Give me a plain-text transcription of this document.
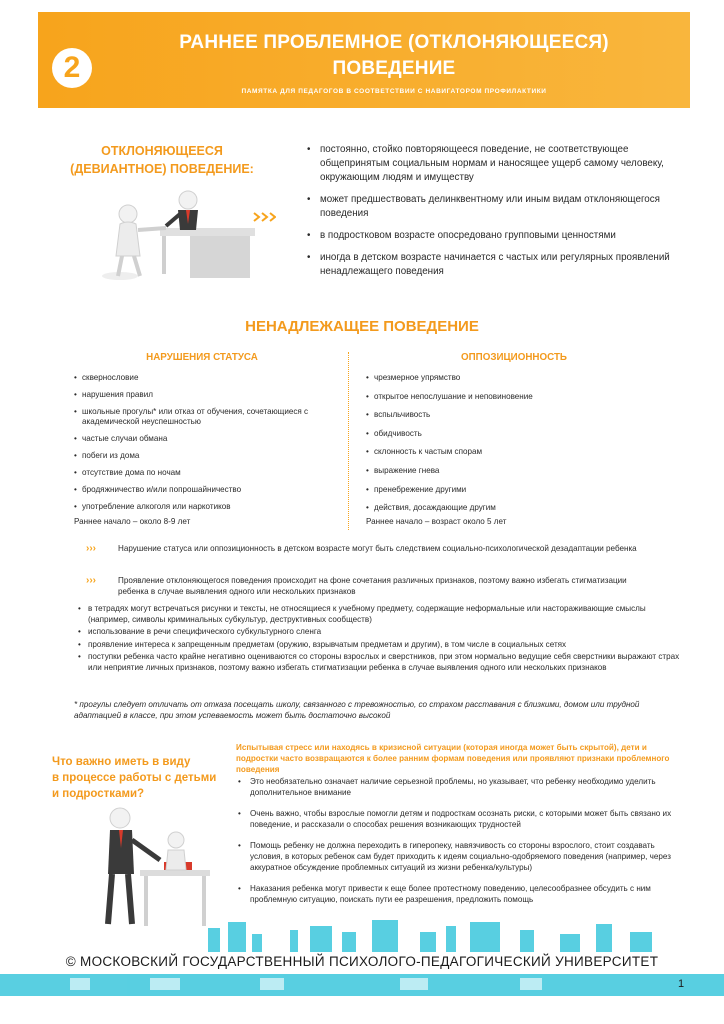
2
РАННЕЕ ПРОБЛЕМНОЕ (ОТКЛОНЯЮЩЕЕСЯ)
ПОВЕДЕНИЕ
ПАМЯТКА ДЛЯ ПЕДАГОГОВ В СООТВЕТСТВИИ С НАВИГАТОРОМ ПРОФИЛАКТИКИ
ОТКЛОНЯЮЩЕЕСЯ
(ДЕВИАНТНОЕ) ПОВЕДЕНИЕ:
• постоянно, стойко повторяющееся поведение, не соответствующее общепринятым социальным нормам и наносящее ущерб самому человеку, окружающим людям и имуществу
• может предшествовать делинквентному или иным видам отклоняющегося поведения
• в подростковом возрасте опосредовано групповыми ценностями
• иногда в детском возрасте начинается с частых или регулярных проявлений ненадлежащего поведения
НЕНАДЛЕЖАЩЕЕ ПОВЕДЕНИЕ
НАРУШЕНИЯ СТАТУСА	ОППОЗИЦИОННОСТЬ
• сквернословие
• нарушения правил
• школьные прогулы* или отказ от обучения, сочетающиеся с академической неуспешностью
• частые случаи обмана
• побеги из дома
• отсутствие дома по ночам
• бродяжничество и/или попрошайничество
• употребление алкоголя или наркотиков
Раннее начало – около 8-9 лет
• чрезмерное упрямство
• открытое непослушание и неповиновение
• вспыльчивость
• обидчивость
• склонность к частым спорам
• выражение гнева
• пренебрежение другими
• действия, досаждающие другим
Раннее начало – возраст около 5 лет
›››	Нарушение статуса или оппозиционность в детском возрасте могут быть следствием социально-психологической дезадаптации ребенка
›››	Проявление отклоняющегося поведения происходит на фоне сочетания различных признаков, поэтому важно избегать стигматизации ребенка в случае выявления одного или нескольких признаков
• в тетрадях могут встречаться рисунки и тексты, не относящиеся к учебному предмету, содержащие неформальные или настораживающие смыслы (например, символы криминальных субкультур, деструктивных сообществ)
• использование в речи специфического субкультурного сленга
• проявление интереса к запрещенным предметам (оружию, взрывчатым предметам и другим), в том числе в социальных сетях
• поступки ребенка часто крайне негативно оцениваются со стороны взрослых и сверстников, при этом нормально ведущие себя сверстники выражают страх или неприятие личных признаков, поэтому важно избегать стигматизации ребенка в случае выявления одного или нескольких признаков
* прогулы следует отличать от отказа посещать школу, связанного с тревожностью, со страхом расставания с близкими, домом или трудной адаптацией в классе, при этом успеваемость может быть достаточно высокой
Что важно иметь в виду
в процессе работы с детьми
и подростками?
Испытывая стресс или находясь в кризисной ситуации (которая иногда может быть скрытой), дети и подростки часто возвращаются к более ранним формам поведения или проявляют признаки проблемного поведения
• Это необязательно означает наличие серьезной проблемы, но указывает, что ребенку необходимо уделить дополнительное внимание
• Очень важно, чтобы взрослые помогли детям и подросткам осознать риски, с которыми может быть связано их поведение, и рассказали о способах решения возникающих трудностей
• Помощь ребенку не должна переходить в гиперопеку, навязчивость со стороны взрослого, стоит создавать условия, в которых ребенок сам будет приходить к идеям социально-одобряемого поведения (например, через аккуратное обсуждение проблемных ситуаций из жизни ребенка/культуры)
• Наказания ребенка могут привести к еще более протестному поведению, целесообразнее обсудить с ним проблемную ситуацию, поискать пути ее разрешения, предложить помощь
© МОСКОВСКИЙ ГОСУДАРСТВЕННЫЙ ПСИХОЛОГО-ПЕДАГОГИЧЕСКИЙ УНИВЕРСИТЕТ
1
